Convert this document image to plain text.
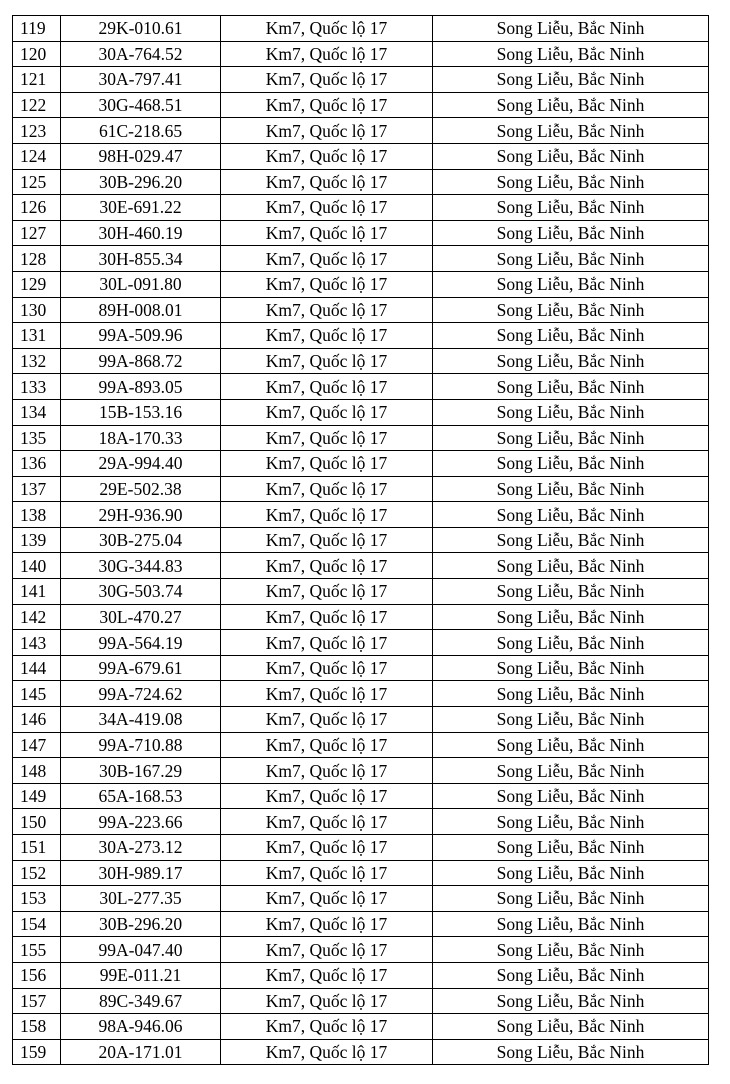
119	29K-010.61	Km7, Quốc lộ 17	Song Liễu, Bắc Ninh
120	30A-764.52	Km7, Quốc lộ 17	Song Liễu, Bắc Ninh
121	30A-797.41	Km7, Quốc lộ 17	Song Liễu, Bắc Ninh
122	30G-468.51	Km7, Quốc lộ 17	Song Liễu, Bắc Ninh
123	61C-218.65	Km7, Quốc lộ 17	Song Liễu, Bắc Ninh
124	98H-029.47	Km7, Quốc lộ 17	Song Liễu, Bắc Ninh
125	30B-296.20	Km7, Quốc lộ 17	Song Liễu, Bắc Ninh
126	30E-691.22	Km7, Quốc lộ 17	Song Liễu, Bắc Ninh
127	30H-460.19	Km7, Quốc lộ 17	Song Liễu, Bắc Ninh
128	30H-855.34	Km7, Quốc lộ 17	Song Liễu, Bắc Ninh
129	30L-091.80	Km7, Quốc lộ 17	Song Liễu, Bắc Ninh
130	89H-008.01	Km7, Quốc lộ 17	Song Liễu, Bắc Ninh
131	99A-509.96	Km7, Quốc lộ 17	Song Liễu, Bắc Ninh
132	99A-868.72	Km7, Quốc lộ 17	Song Liễu, Bắc Ninh
133	99A-893.05	Km7, Quốc lộ 17	Song Liễu, Bắc Ninh
134	15B-153.16	Km7, Quốc lộ 17	Song Liễu, Bắc Ninh
135	18A-170.33	Km7, Quốc lộ 17	Song Liễu, Bắc Ninh
136	29A-994.40	Km7, Quốc lộ 17	Song Liễu, Bắc Ninh
137	29E-502.38	Km7, Quốc lộ 17	Song Liễu, Bắc Ninh
138	29H-936.90	Km7, Quốc lộ 17	Song Liễu, Bắc Ninh
139	30B-275.04	Km7, Quốc lộ 17	Song Liễu, Bắc Ninh
140	30G-344.83	Km7, Quốc lộ 17	Song Liễu, Bắc Ninh
141	30G-503.74	Km7, Quốc lộ 17	Song Liễu, Bắc Ninh
142	30L-470.27	Km7, Quốc lộ 17	Song Liễu, Bắc Ninh
143	99A-564.19	Km7, Quốc lộ 17	Song Liễu, Bắc Ninh
144	99A-679.61	Km7, Quốc lộ 17	Song Liễu, Bắc Ninh
145	99A-724.62	Km7, Quốc lộ 17	Song Liễu, Bắc Ninh
146	34A-419.08	Km7, Quốc lộ 17	Song Liễu, Bắc Ninh
147	99A-710.88	Km7, Quốc lộ 17	Song Liễu, Bắc Ninh
148	30B-167.29	Km7, Quốc lộ 17	Song Liễu, Bắc Ninh
149	65A-168.53	Km7, Quốc lộ 17	Song Liễu, Bắc Ninh
150	99A-223.66	Km7, Quốc lộ 17	Song Liễu, Bắc Ninh
151	30A-273.12	Km7, Quốc lộ 17	Song Liễu, Bắc Ninh
152	30H-989.17	Km7, Quốc lộ 17	Song Liễu, Bắc Ninh
153	30L-277.35	Km7, Quốc lộ 17	Song Liễu, Bắc Ninh
154	30B-296.20	Km7, Quốc lộ 17	Song Liễu, Bắc Ninh
155	99A-047.40	Km7, Quốc lộ 17	Song Liễu, Bắc Ninh
156	99E-011.21	Km7, Quốc lộ 17	Song Liễu, Bắc Ninh
157	89C-349.67	Km7, Quốc lộ 17	Song Liễu, Bắc Ninh
158	98A-946.06	Km7, Quốc lộ 17	Song Liễu, Bắc Ninh
159	20A-171.01	Km7, Quốc lộ 17	Song Liễu, Bắc Ninh
